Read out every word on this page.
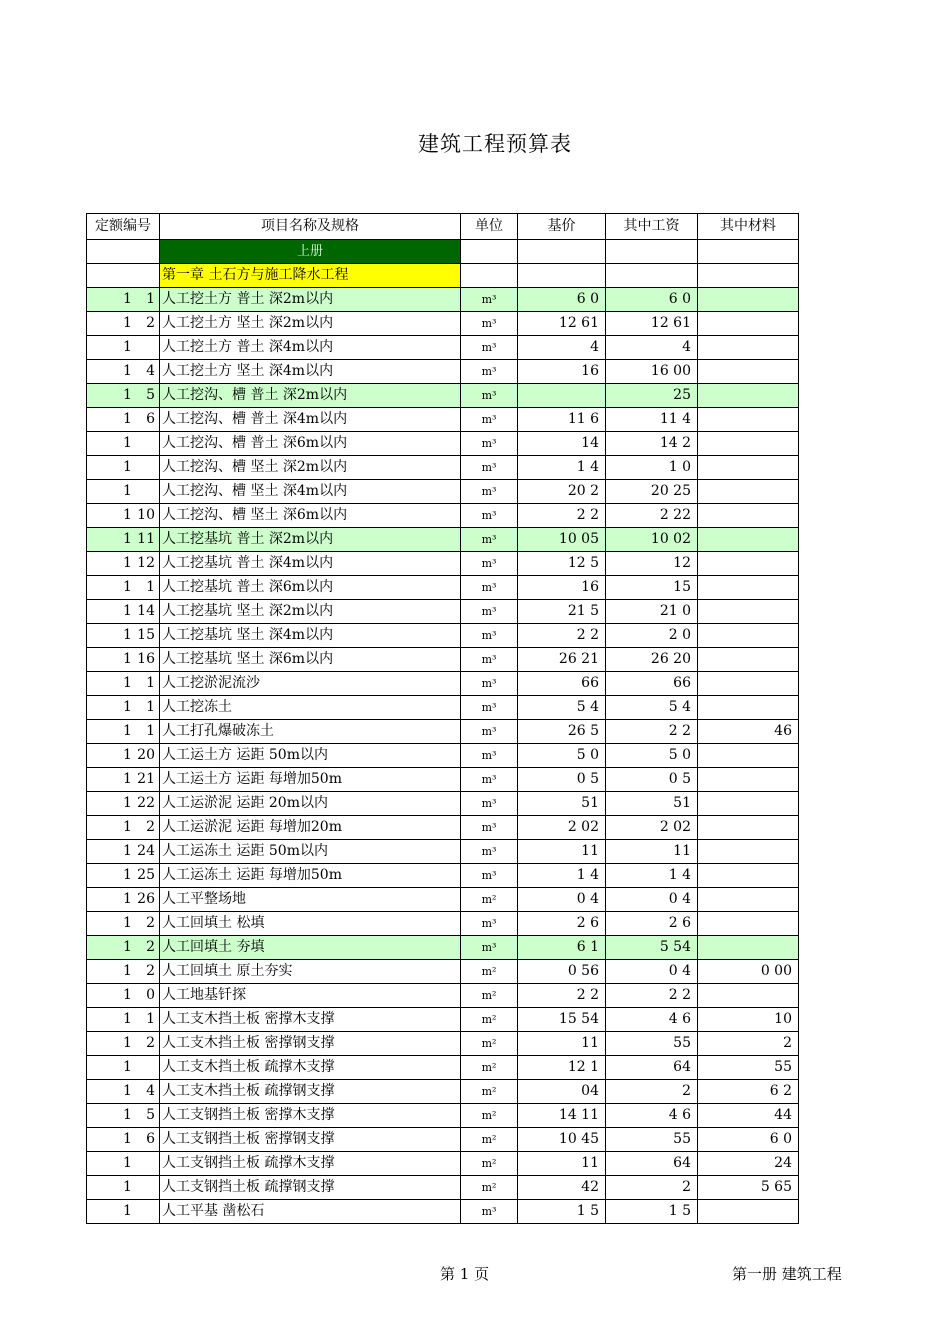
建筑工程预算表
定额编号	项目名称及规格	单位	基价	其中工资	其中材料
	上册				
	第一章 土石方与施工降水工程				

1 1	人工挖土方 普土 深2m以内	m³	6 0	6 0	

1 2	人工挖土方 坚土 深2m以内	m³	12 61	12 61	

1	人工挖土方 普土 深4m以内	m³	4	4	

1 4	人工挖土方 坚土 深4m以内	m³	16	16 00	

1 5	人工挖沟、槽 普土 深2m以内	m³		25	

1 6	人工挖沟、槽 普土 深4m以内	m³	11 6	11 4	

1	人工挖沟、槽 普土 深6m以内	m³	14	14 2	

1	人工挖沟、槽 坚土 深2m以内	m³	1 4	1 0	

1	人工挖沟、槽 坚土 深4m以内	m³	20 2	20 25	

1 10	人工挖沟、槽 坚土 深6m以内	m³	2 2	2 22	

1 11	人工挖基坑 普土 深2m以内	m³	10 05	10 02	

1 12	人工挖基坑 普土 深4m以内	m³	12 5	12	

1 1	人工挖基坑 普土 深6m以内	m³	16	15	

1 14	人工挖基坑 坚土 深2m以内	m³	21 5	21 0	

1 15	人工挖基坑 坚土 深4m以内	m³	2 2	2 0	

1 16	人工挖基坑 坚土 深6m以内	m³	26 21	26 20	

1 1	人工挖淤泥流沙	m³	66	66	

1 1	人工挖冻土	m³	5 4	5 4	

1 1	人工打孔爆破冻土	m³	26 5	2 2	46

1 20	人工运土方 运距 50m以内	m³	5 0	5 0	

1 21	人工运土方 运距 每增加50m	m³	0 5	0 5	

1 22	人工运淤泥 运距 20m以内	m³	51	51	

1 2	人工运淤泥 运距 每增加20m	m³	2 02	2 02	

1 24	人工运冻土 运距 50m以内	m³	11	11	

1 25	人工运冻土 运距 每增加50m	m³	1 4	1 4	

1 26	人工平整场地	m²	0 4	0 4	

1 2	人工回填土 松填	m³	2 6	2 6	

1 2	人工回填土 夯填	m³	6 1	5 54	

1 2	人工回填土 原土夯实	m²	0 56	0 4	0 00

1 0	人工地基钎探	m²	2 2	2 2	

1 1	人工支木挡土板 密撑木支撑	m²	15 54	4 6	10

1 2	人工支木挡土板 密撑钢支撑	m²	11	55	2

1	人工支木挡土板 疏撑木支撑	m²	12 1	64	55

1 4	人工支木挡土板 疏撑钢支撑	m²	04	2	6 2

1 5	人工支钢挡土板 密撑木支撑	m²	14 11	4 6	44

1 6	人工支钢挡土板 密撑钢支撑	m²	10 45	55	6 0

1	人工支钢挡土板 疏撑木支撑	m²	11	64	24

1	人工支钢挡土板 疏撑钢支撑	m²	42	2	5 65

1	人工平基 凿松石	m³	1 5	1 5	
第 1 页	第一册 建筑工程
